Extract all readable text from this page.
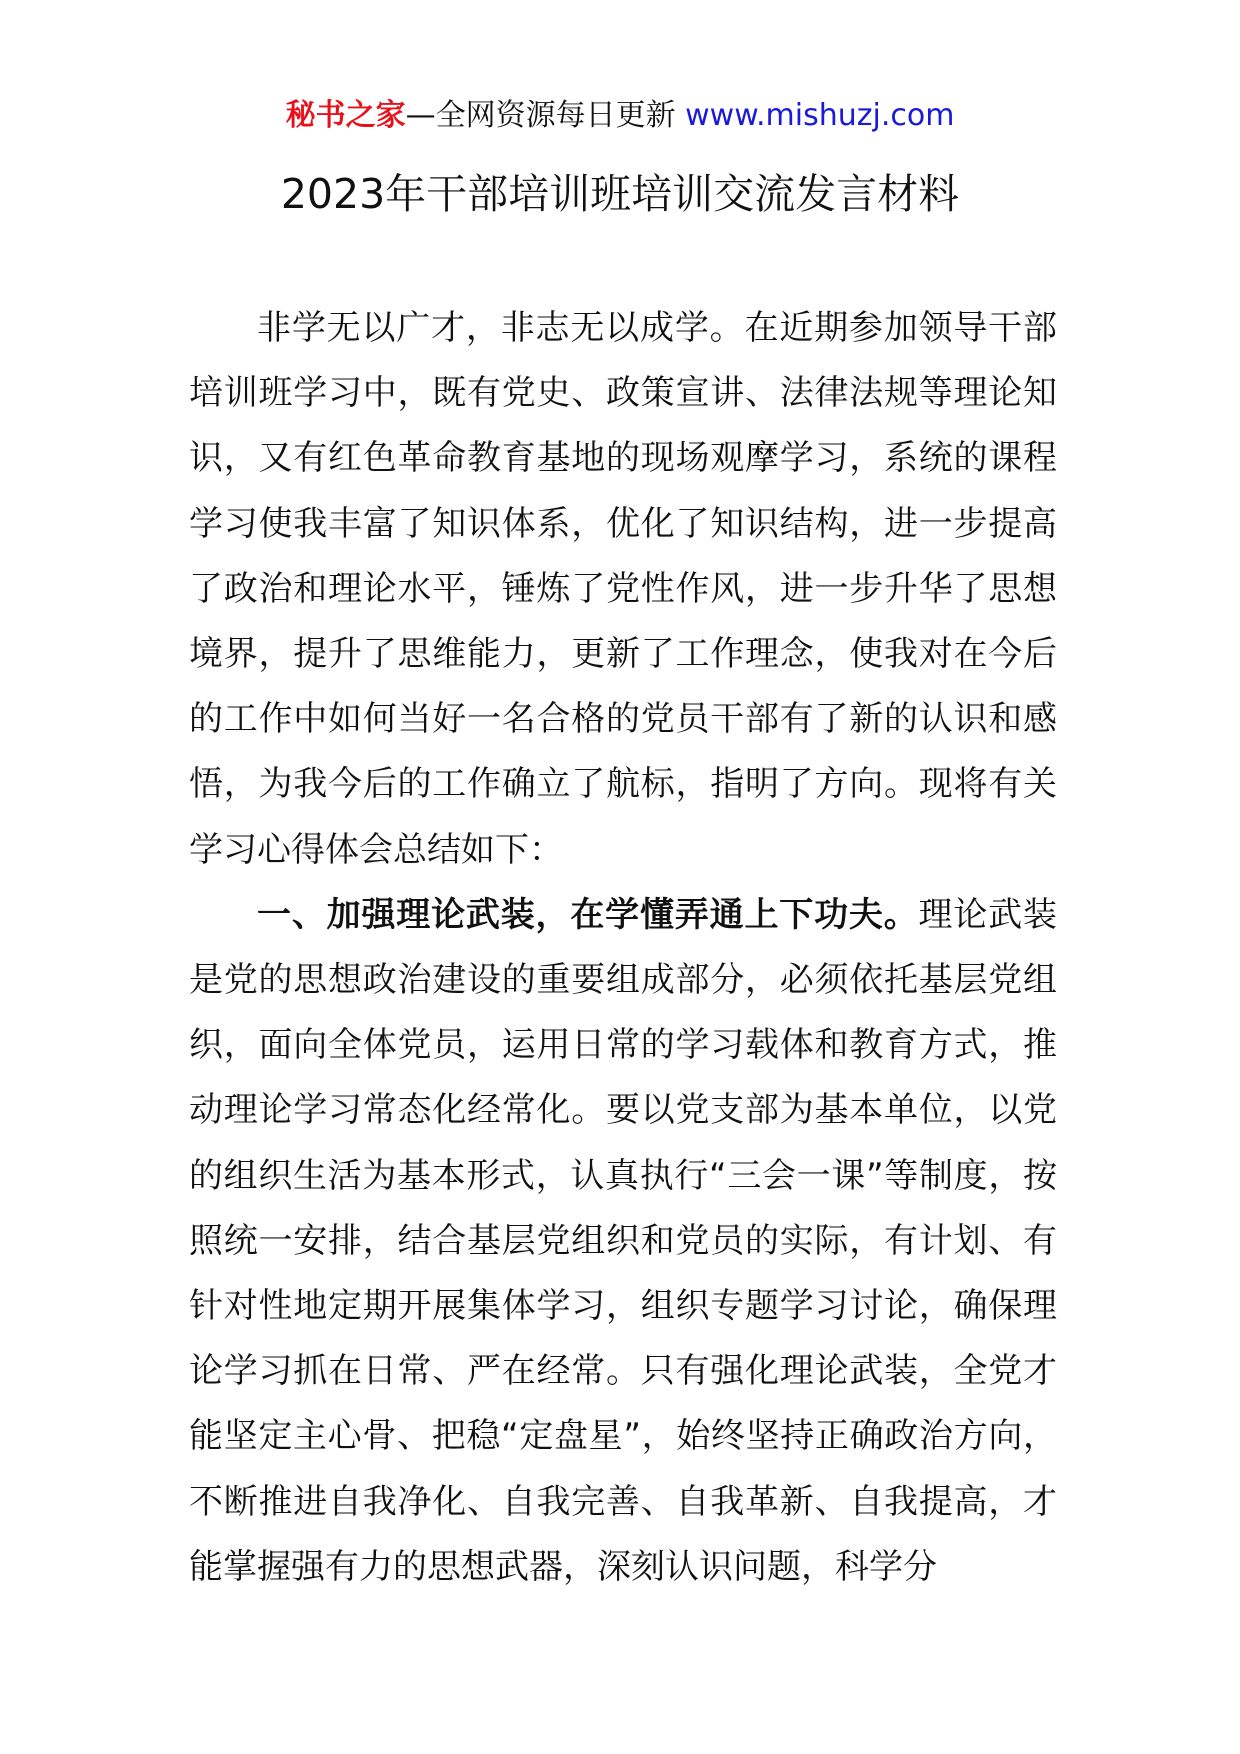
秘书之家—全网资源每日更新 www.mishuzj.com
2023年干部培训班培训交流发言材料

非学无以广才，非志无以成学。在近期参加领导干部培训班学习中，既有党史、政策宣讲、法律法规等理论知识，又有红色革命教育基地的现场观摩学习，系统的课程学习使我丰富了知识体系，优化了知识结构，进一步提高了政治和理论水平，锤炼了党性作风，进一步升华了思想境界，提升了思维能力，更新了工作理念，使我对在今后的工作中如何当好一名合格的党员干部有了新的认识和感悟，为我今后的工作确立了航标，指明了方向。现将有关学习心得体会总结如下：

一、加强理论武装，在学懂弄通上下功夫。理论武装是党的思想政治建设的重要组成部分，必须依托基层党组织，面向全体党员，运用日常的学习载体和教育方式，推动理论学习常态化经常化。要以党支部为基本单位，以党的组织生活为基本形式，认真执行“三会一课”等制度，按照统一安排，结合基层党组织和党员的实际，有计划、有针对性地定期开展集体学习，组织专题学习讨论，确保理论学习抓在日常、严在经常。只有强化理论武装，全党才能坚定主心骨、把稳“定盘星”，始终坚持正确政治方向，不断推进自我净化、自我完善、自我革新、自我提高，才能掌握强有力的思想武器，深刻认识问题，科学分
